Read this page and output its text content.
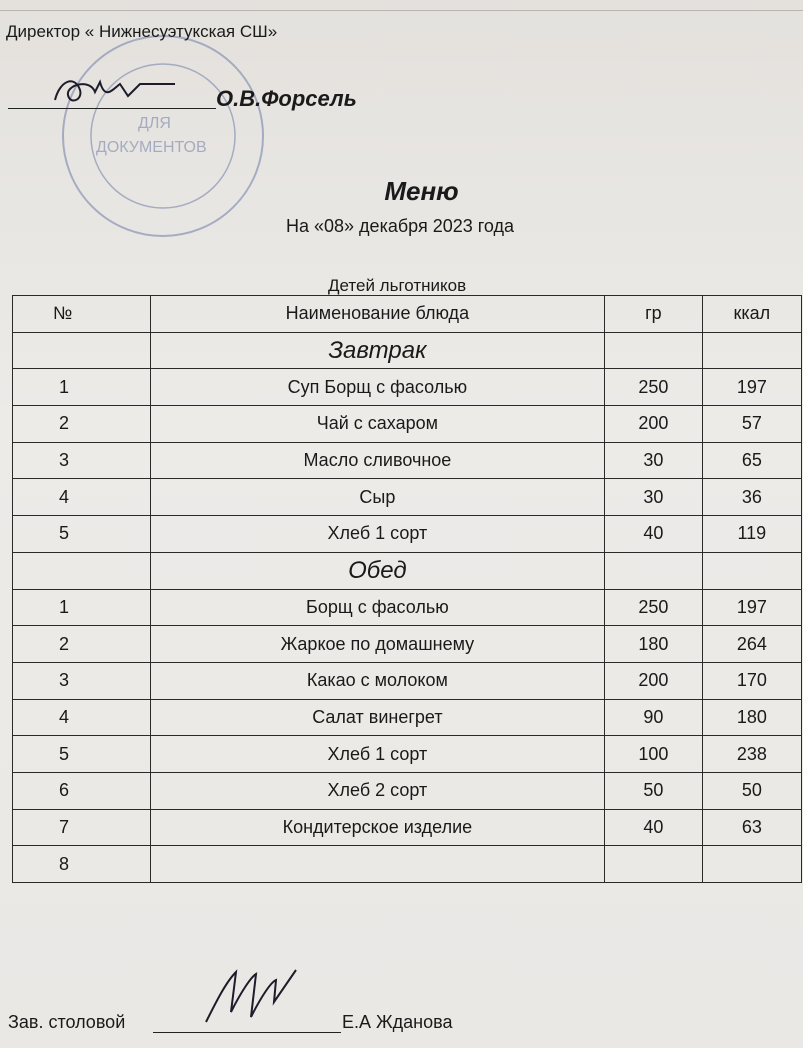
ДЛЯ
ДОКУМЕНТОВ
Директор « Нижнесуэтукская СШ»
О.В.Форсель
Меню
На «08» декабря 2023 года
Детей льготников
№	Наименование блюда	гр	ккал
	Завтрак		
1	Суп Борщ с фасолью	250	197
2	Чай с сахаром	200	57
3	Масло сливочное	30	65
4	Сыр	30	36
5	Хлеб 1 сорт	40	119
	Обед		
1	Борщ с фасолью	250	197
2	Жаркое по домашнему	180	264
3	Какао с молоком	200	170
4	Салат винегрет	90	180
5	Хлеб 1 сорт	100	238
6	Хлеб 2 сорт	50	50
7	Кондитерское изделие	40	63
8			
Зав. столовой	Е.А Жданова
